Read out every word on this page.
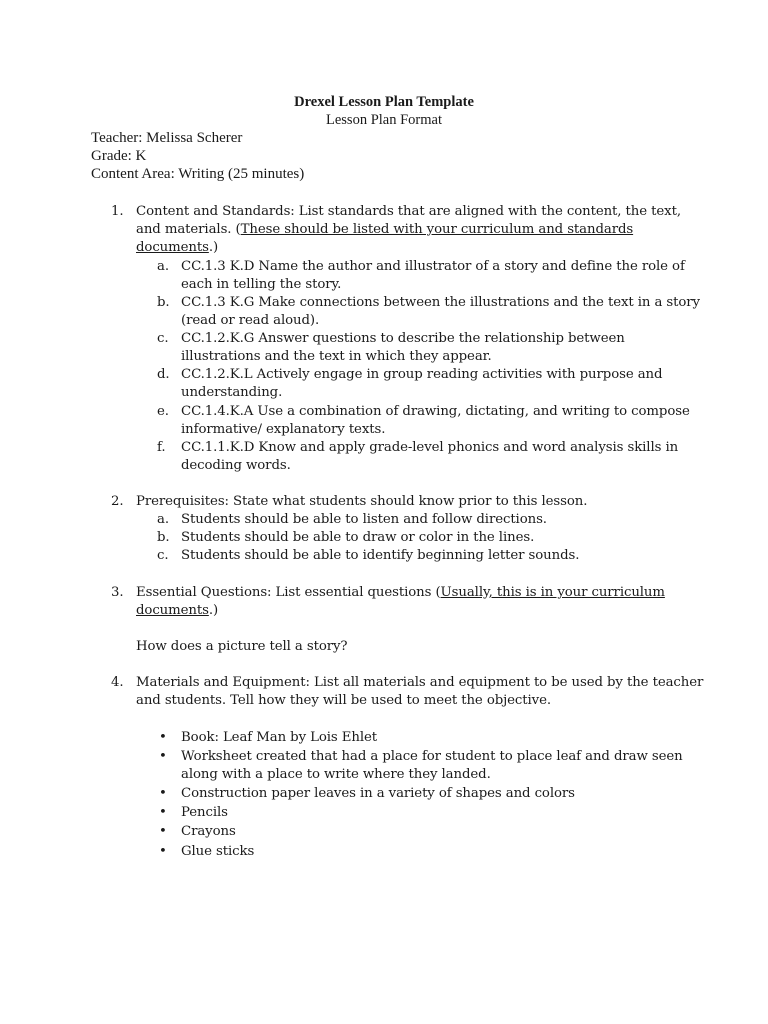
Drexel Lesson Plan Template
Lesson Plan Format
Teacher: Melissa Scherer
Grade: K
Content Area: Writing (25 minutes)
1. Content and Standards: List standards that are aligned with the content, the text,
and materials. (These should be listed with your curriculum and standards
documents.)
a. CC.1.3 K.D Name the author and illustrator of a story and define the role of
each in telling the story.
b. CC.1.3 K.G Make connections between the illustrations and the text in a story
(read or read aloud).
c. CC.1.2.K.G Answer questions to describe the relationship between
illustrations and the text in which they appear.
d. CC.1.2.K.L Actively engage in group reading activities with purpose and
understanding.
e. CC.1.4.K.A Use a combination of drawing, dictating, and writing to compose
informative/ explanatory texts.
f. CC.1.1.K.D Know and apply grade-level phonics and word analysis skills in
decoding words.
2. Prerequisites: State what students should know prior to this lesson.
a. Students should be able to listen and follow directions.
b. Students should be able to draw or color in the lines.
c. Students should be able to identify beginning letter sounds.
3. Essential Questions: List essential questions (Usually, this is in your curriculum
documents.)
How does a picture tell a story?
4. Materials and Equipment: List all materials and equipment to be used by the teacher
and students. Tell how they will be used to meet the objective.
• Book: Leaf Man by Lois Ehlet
• Worksheet created that had a place for student to place leaf and draw seen
along with a place to write where they landed.
• Construction paper leaves in a variety of shapes and colors
• Pencils
• Crayons
• Glue sticks
